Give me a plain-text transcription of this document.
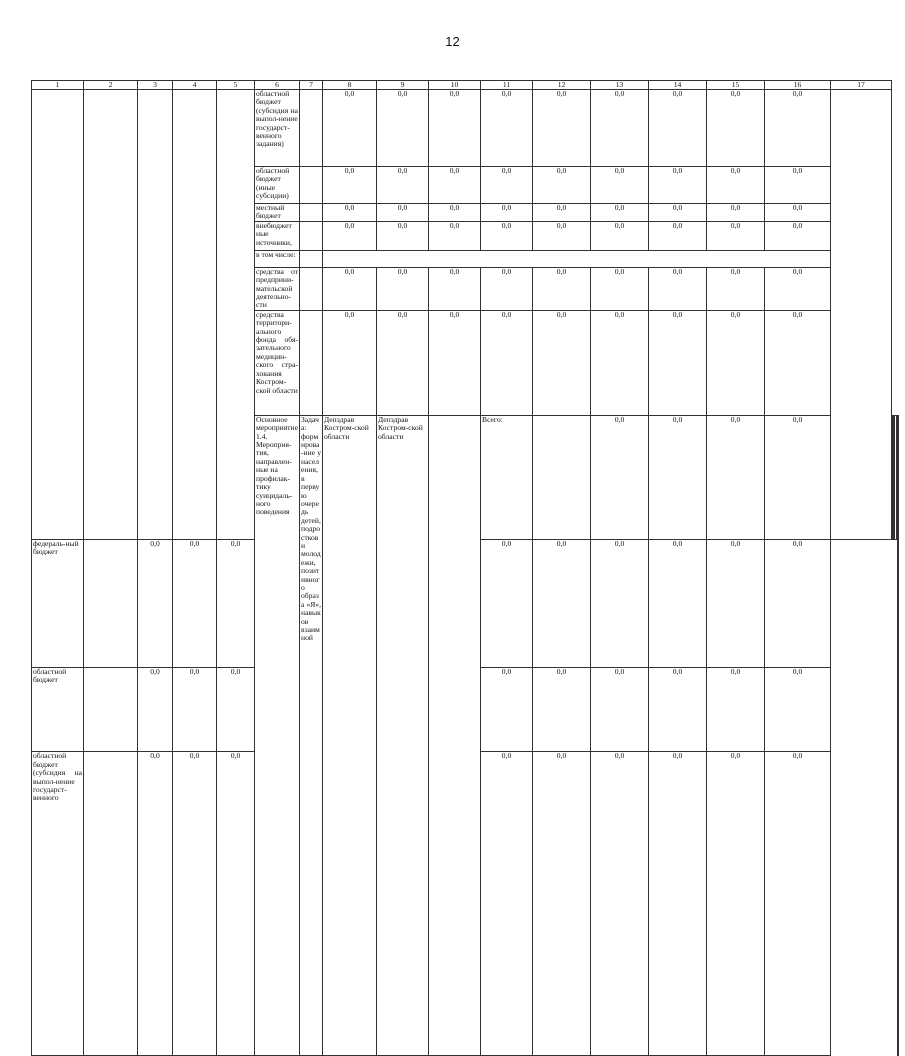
12
1	2	3	4	5	6	7	8	9	10	11	12	13	14	15	16	17			
					областной бюджет (субсидия на выпол-нение государст-венного задания)		0,0	0,0	0,0	0,0	0,0	0,0	0,0	0,0	0,0				
					областной бюджет (иные субсидии)		0,0	0,0	0,0	0,0	0,0	0,0	0,0	0,0	0,0				
					местный бюджет		0,0	0,0	0,0	0,0	0,0	0,0	0,0	0,0	0,0				
					внебюджет ные источники,		0,0	0,0	0,0	0,0	0,0	0,0	0,0	0,0	0,0				
					в том числе:														
					средства от предприни-мательской деятельно-сти		0,0	0,0	0,0	0,0	0,0	0,0	0,0	0,0	0,0				
					средства территори-ального фонда обя-зательного медицин-ского стра-хования Костром-ской области		0,0	0,0	0,0	0,0	0,0	0,0	0,0	0,0	0,0				
					Основное мероприятие 1.4. Мероприя-тия, направлен-ные на профилак-тику суицидаль-ного поведения	Задача: формирова-ние у населения, в первую очередь детей, подростков и молодежи, позитивного образа «Я», навыков взаимной	Депздрав Костром-ской области	Депздрав Костром-ской области		Всего:		0,0	0,0	0,0	0,0						
федераль-ный бюджет		0,0	0,0	0,0						0,0	0,0	0,0	0,0	0,0	0,0				
областной бюджет		0,0	0,0	0,0						0,0	0,0	0,0	0,0	0,0	0,0				
областной бюджет (субсидия на выпол-нение государст-венного		0,0	0,0	0,0						0,0	0,0	0,0	0,0	0,0	0,0				
